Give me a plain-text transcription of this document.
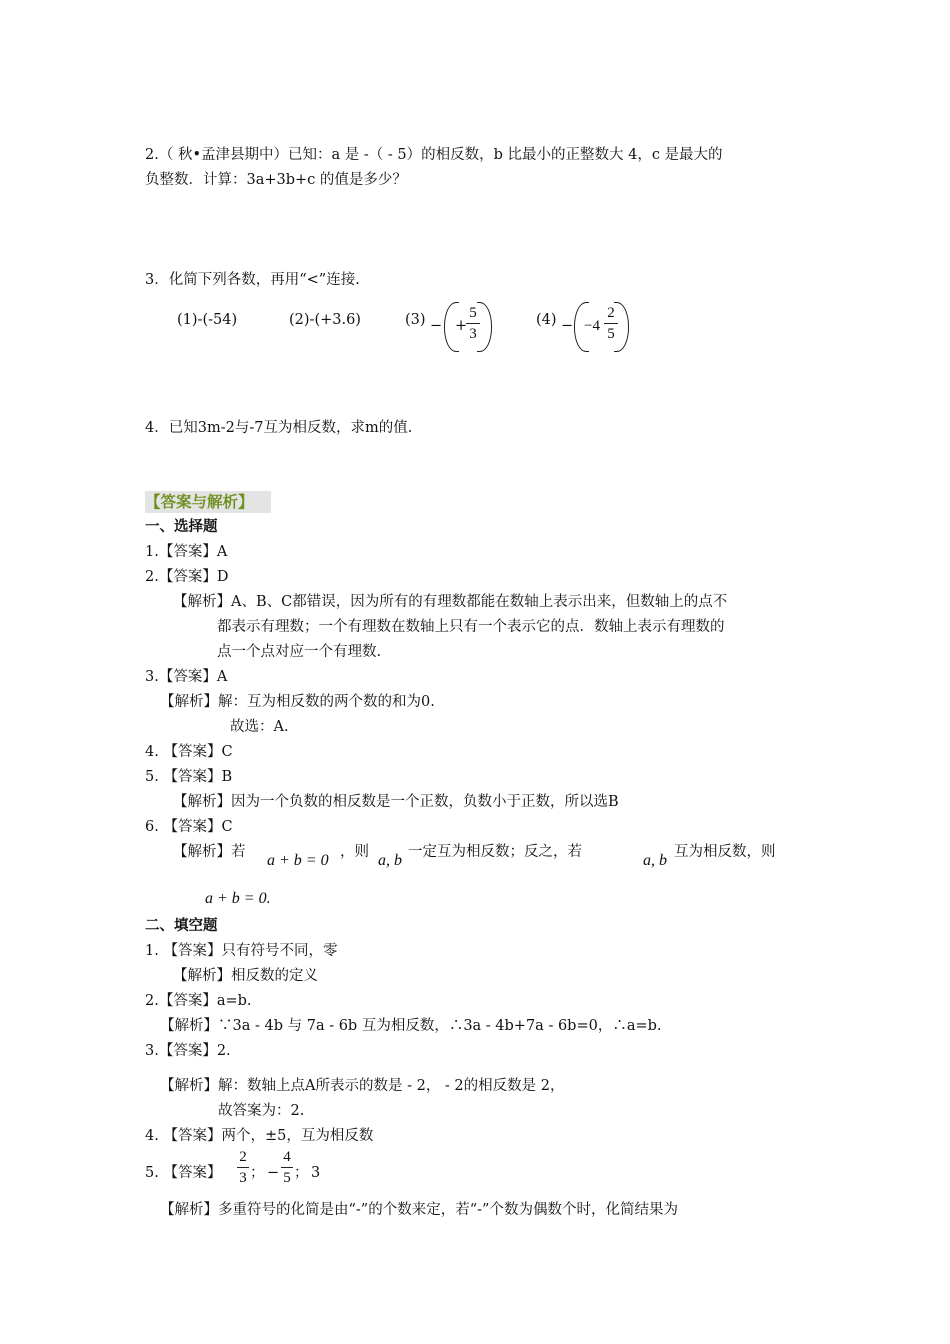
2.（ 秋•孟津县期中）已知：a 是 -（ - 5）的相反数，b 比最小的正整数大 4，c 是最大的
负整数．计算：3a+3b+c 的值是多少？
3．化简下列各数，再用“<”连接.
(1)-(-54)	(2)-(+3.6)	(3) − +
5
3
(4) − −4
2
5
4．已知3m-2与-7互为相反数，求m的值.
【答案与解析】
一、选择题
1.【答案】A
2.【答案】D
【解析】A、B、C都错误，因为所有的有理数都能在数轴上表示出来，但数轴上的点不
都表示有理数；一个有理数在数轴上只有一个表示它的点．数轴上表示有理数的
点一个点对应一个有理数.
3.【答案】A
【解析】解：互为相反数的两个数的和为0.
故选：A.
4. 【答案】C
5. 【答案】B
【解析】因为一个负数的相反数是一个正数，负数小于正数，所以选B
6. 【答案】C
【解析】若 a + b = 0 ，则 a, b 一定互为相反数；反之，若	a, b 互为相反数，则
a + b = 0.
二、填空题
1. 【答案】只有符号不同，零
【解析】相反数的定义
2.【答案】a=b.
【解析】∵3a - 4b 与 7a - 6b 互为相反数，∴3a - 4b+7a - 6b=0，∴a=b.
3.【答案】2.
【解析】解：数轴上点A所表示的数是 - 2， - 2的相反数是 2，
故答案为：2.
4. 【答案】两个，±5，互为相反数
5. 【答案】
2
3 ； −
4
5 ； 3
【解析】多重符号的化简是由“-”的个数来定，若“-”个数为偶数个时，化简结果为
